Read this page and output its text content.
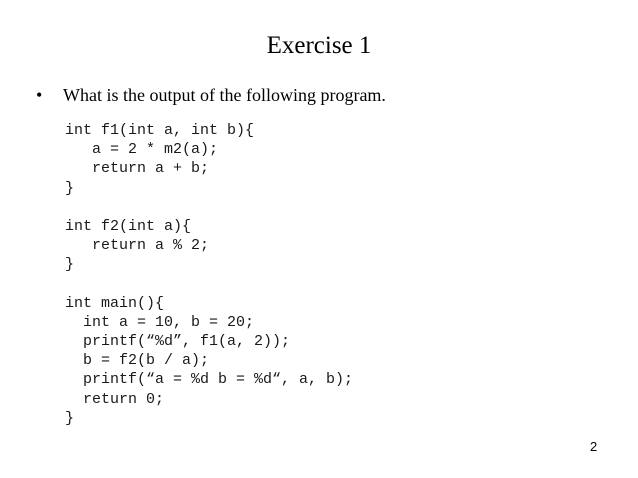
Exercise 1
• What is the output of the following program.
int f1(int a, int b){
a = 2 * m2(a);
return a + b;
}
int f2(int a){
return a % 2;
}
int main(){
int a = 10, b = 20;
printf(“%d”, f1(a, 2));
b = f2(b / a);
printf(“a = %d b = %d“, a, b);
return 0;
}
2
